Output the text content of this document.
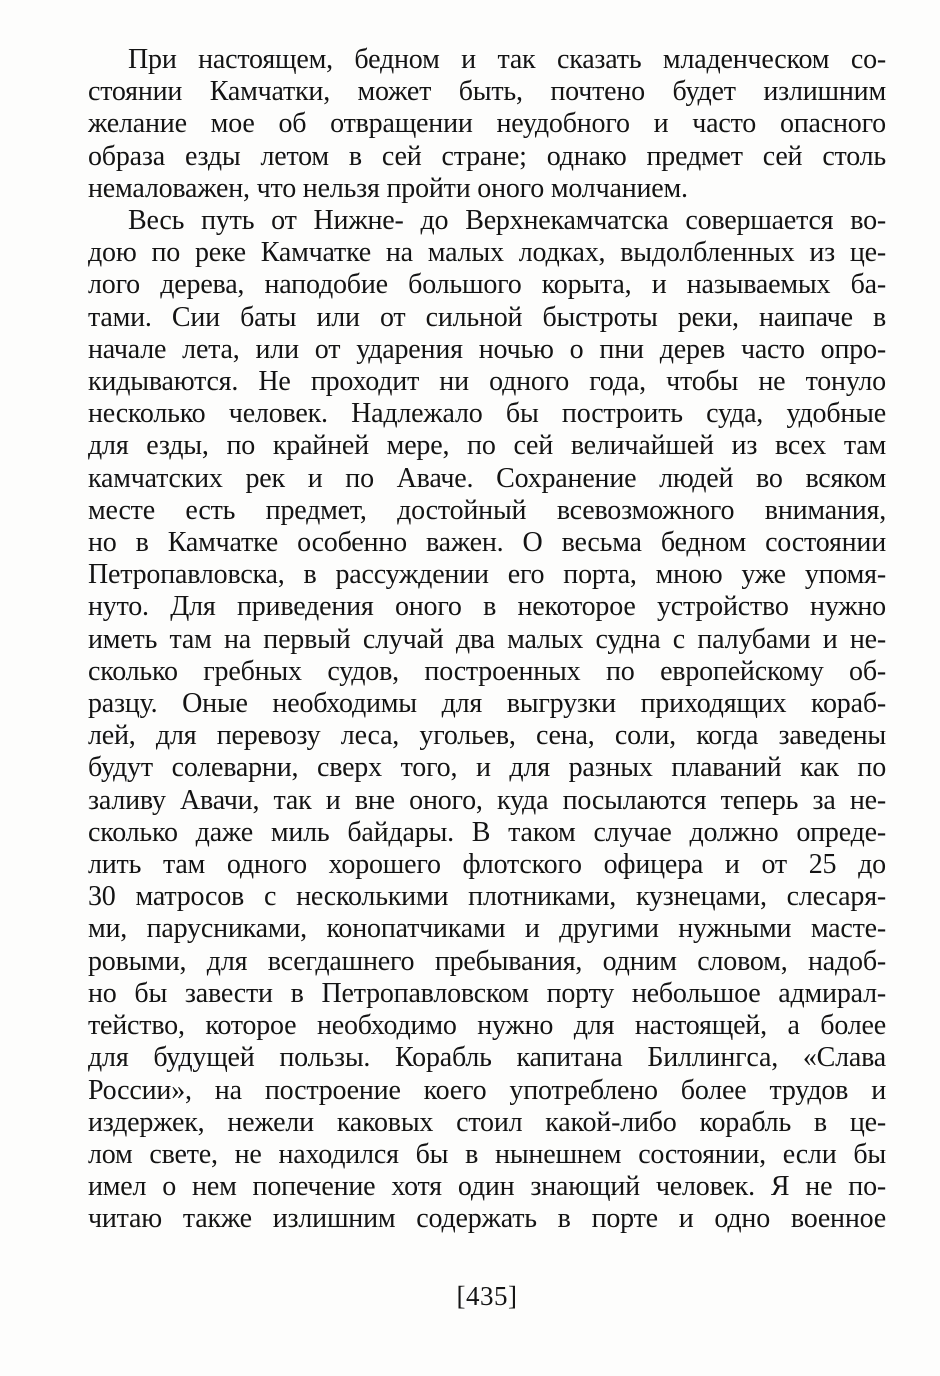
При настоящем, бедном и так сказать младенческом со-
стоянии Камчатки, может быть, почтено будет излишним
желание мое об отвращении неудобного и часто опасного
образа езды летом в сей стране; однако предмет сей столь
немаловажен, что нельзя пройти оного молчанием.
Весь путь от Нижне- до Верхнекамчатска совершается во-
дою по реке Камчатке на малых лодках, выдолбленных из це-
лого дерева, наподобие большого корыта, и называемых ба-
тами. Сии баты или от сильной быстроты реки, наипаче в
начале лета, или от ударения ночью о пни дерев часто опро-
кидываются. Не проходит ни одного года, чтобы не тонуло
несколько человек. Надлежало бы построить суда, удобные
для езды, по крайней мере, по сей величайшей из всех там
камчатских рек и по Аваче. Сохранение людей во всяком
месте есть предмет, достойный всевозможного внимания,
но в Камчатке особенно важен. О весьма бедном состоянии
Петропавловска, в рассуждении его порта, мною уже упомя-
нуто. Для приведения оного в некоторое устройство нужно
иметь там на первый случай два малых судна с палубами и не-
сколько гребных судов, построенных по европейскому об-
разцу. Оные необходимы для выгрузки приходящих кораб-
лей, для перевозу леса, угольев, сена, соли, когда заведены
будут солеварни, сверх того, и для разных плаваний как по
заливу Авачи, так и вне оного, куда посылаются теперь за не-
сколько даже миль байдары. В таком случае должно опреде-
лить там одного хорошего флотского офицера и от 25 до
30 матросов с несколькими плотниками, кузнецами, слесаря-
ми, парусниками, конопатчиками и другими нужными масте-
ровыми, для всегдашнего пребывания, одним словом, надоб-
но бы завести в Петропавловском порту небольшое адмирал-
тейство, которое необходимо нужно для настоящей, а более
для будущей пользы. Корабль капитана Биллингса, «Слава
России», на построение коего употреблено более трудов и
издержек, нежели каковых стоил какой-либо корабль в це-
лом свете, не находился бы в нынешнем состоянии, если бы
имел о нем попечение хотя один знающий человек. Я не по-
читаю также излишним содержать в порте и одно военное
[435]
